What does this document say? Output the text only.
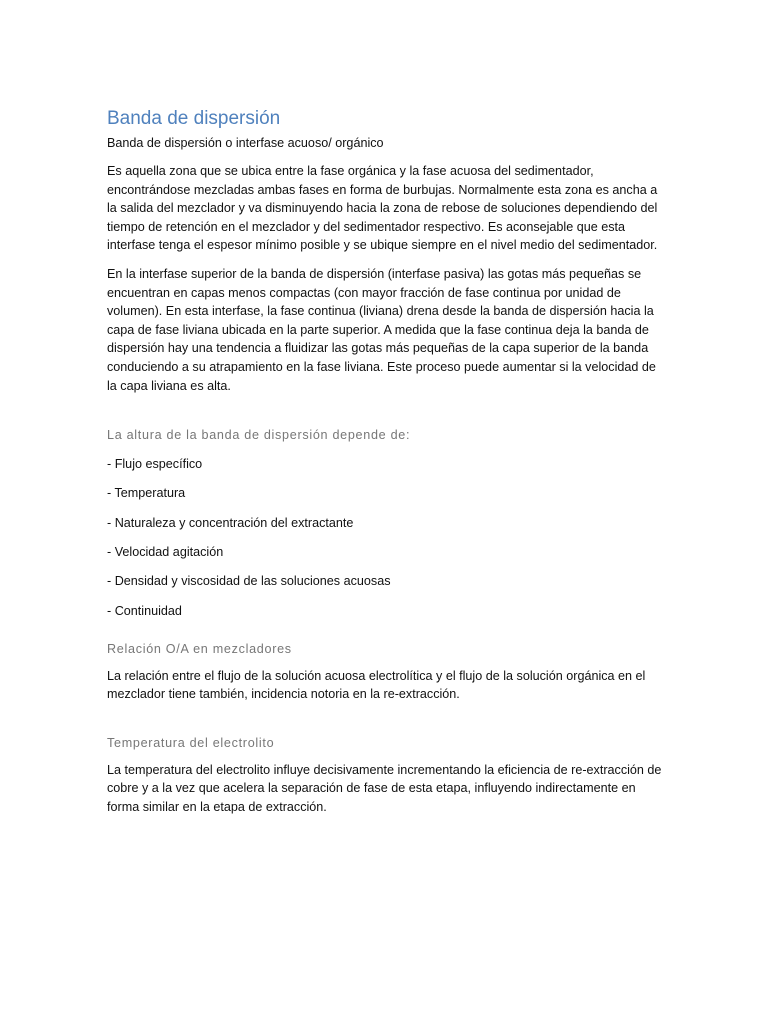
Banda de dispersión
Banda de dispersión o interfase acuoso/ orgánico

Es aquella zona que se ubica entre la fase orgánica y la fase acuosa del sedimentador, encontrándose mezcladas ambas fases en forma de burbujas. Normalmente esta zona es ancha a la salida del mezclador y va disminuyendo hacia la zona de rebose de soluciones dependiendo del tiempo de retención en el mezclador y del sedimentador respectivo. Es aconsejable que esta interfase tenga el espesor mínimo posible y se ubique siempre en el nivel medio del sedimentador.

En la interfase superior de la banda de dispersión (interfase pasiva) las gotas más pequeñas se encuentran en capas menos compactas (con mayor fracción de fase continua por unidad de volumen). En esta interfase, la fase continua (liviana) drena desde la banda de dispersión hacia la capa de fase liviana ubicada en la parte superior. A medida que la fase continua deja la banda de dispersión hay una tendencia a fluidizar las gotas más pequeñas de la capa superior de la banda conduciendo a su atrapamiento en la fase liviana. Este proceso puede aumentar si la velocidad de la capa liviana es alta.

La altura de la banda de dispersión depende de:
- Flujo específico
- Temperatura
- Naturaleza y concentración del extractante
- Velocidad agitación
- Densidad y viscosidad de las soluciones acuosas
- Continuidad
Relación O/A en mezcladores

La relación entre el flujo de la solución acuosa electrolítica y el flujo de la solución orgánica en el mezclador tiene también, incidencia notoria en la re-extracción.

Temperatura del electrolito

La temperatura del electrolito influye decisivamente incrementando la eficiencia de re-extracción de cobre y a la vez que acelera la separación de fase de esta etapa, influyendo indirectamente en forma similar en la etapa de extracción.
